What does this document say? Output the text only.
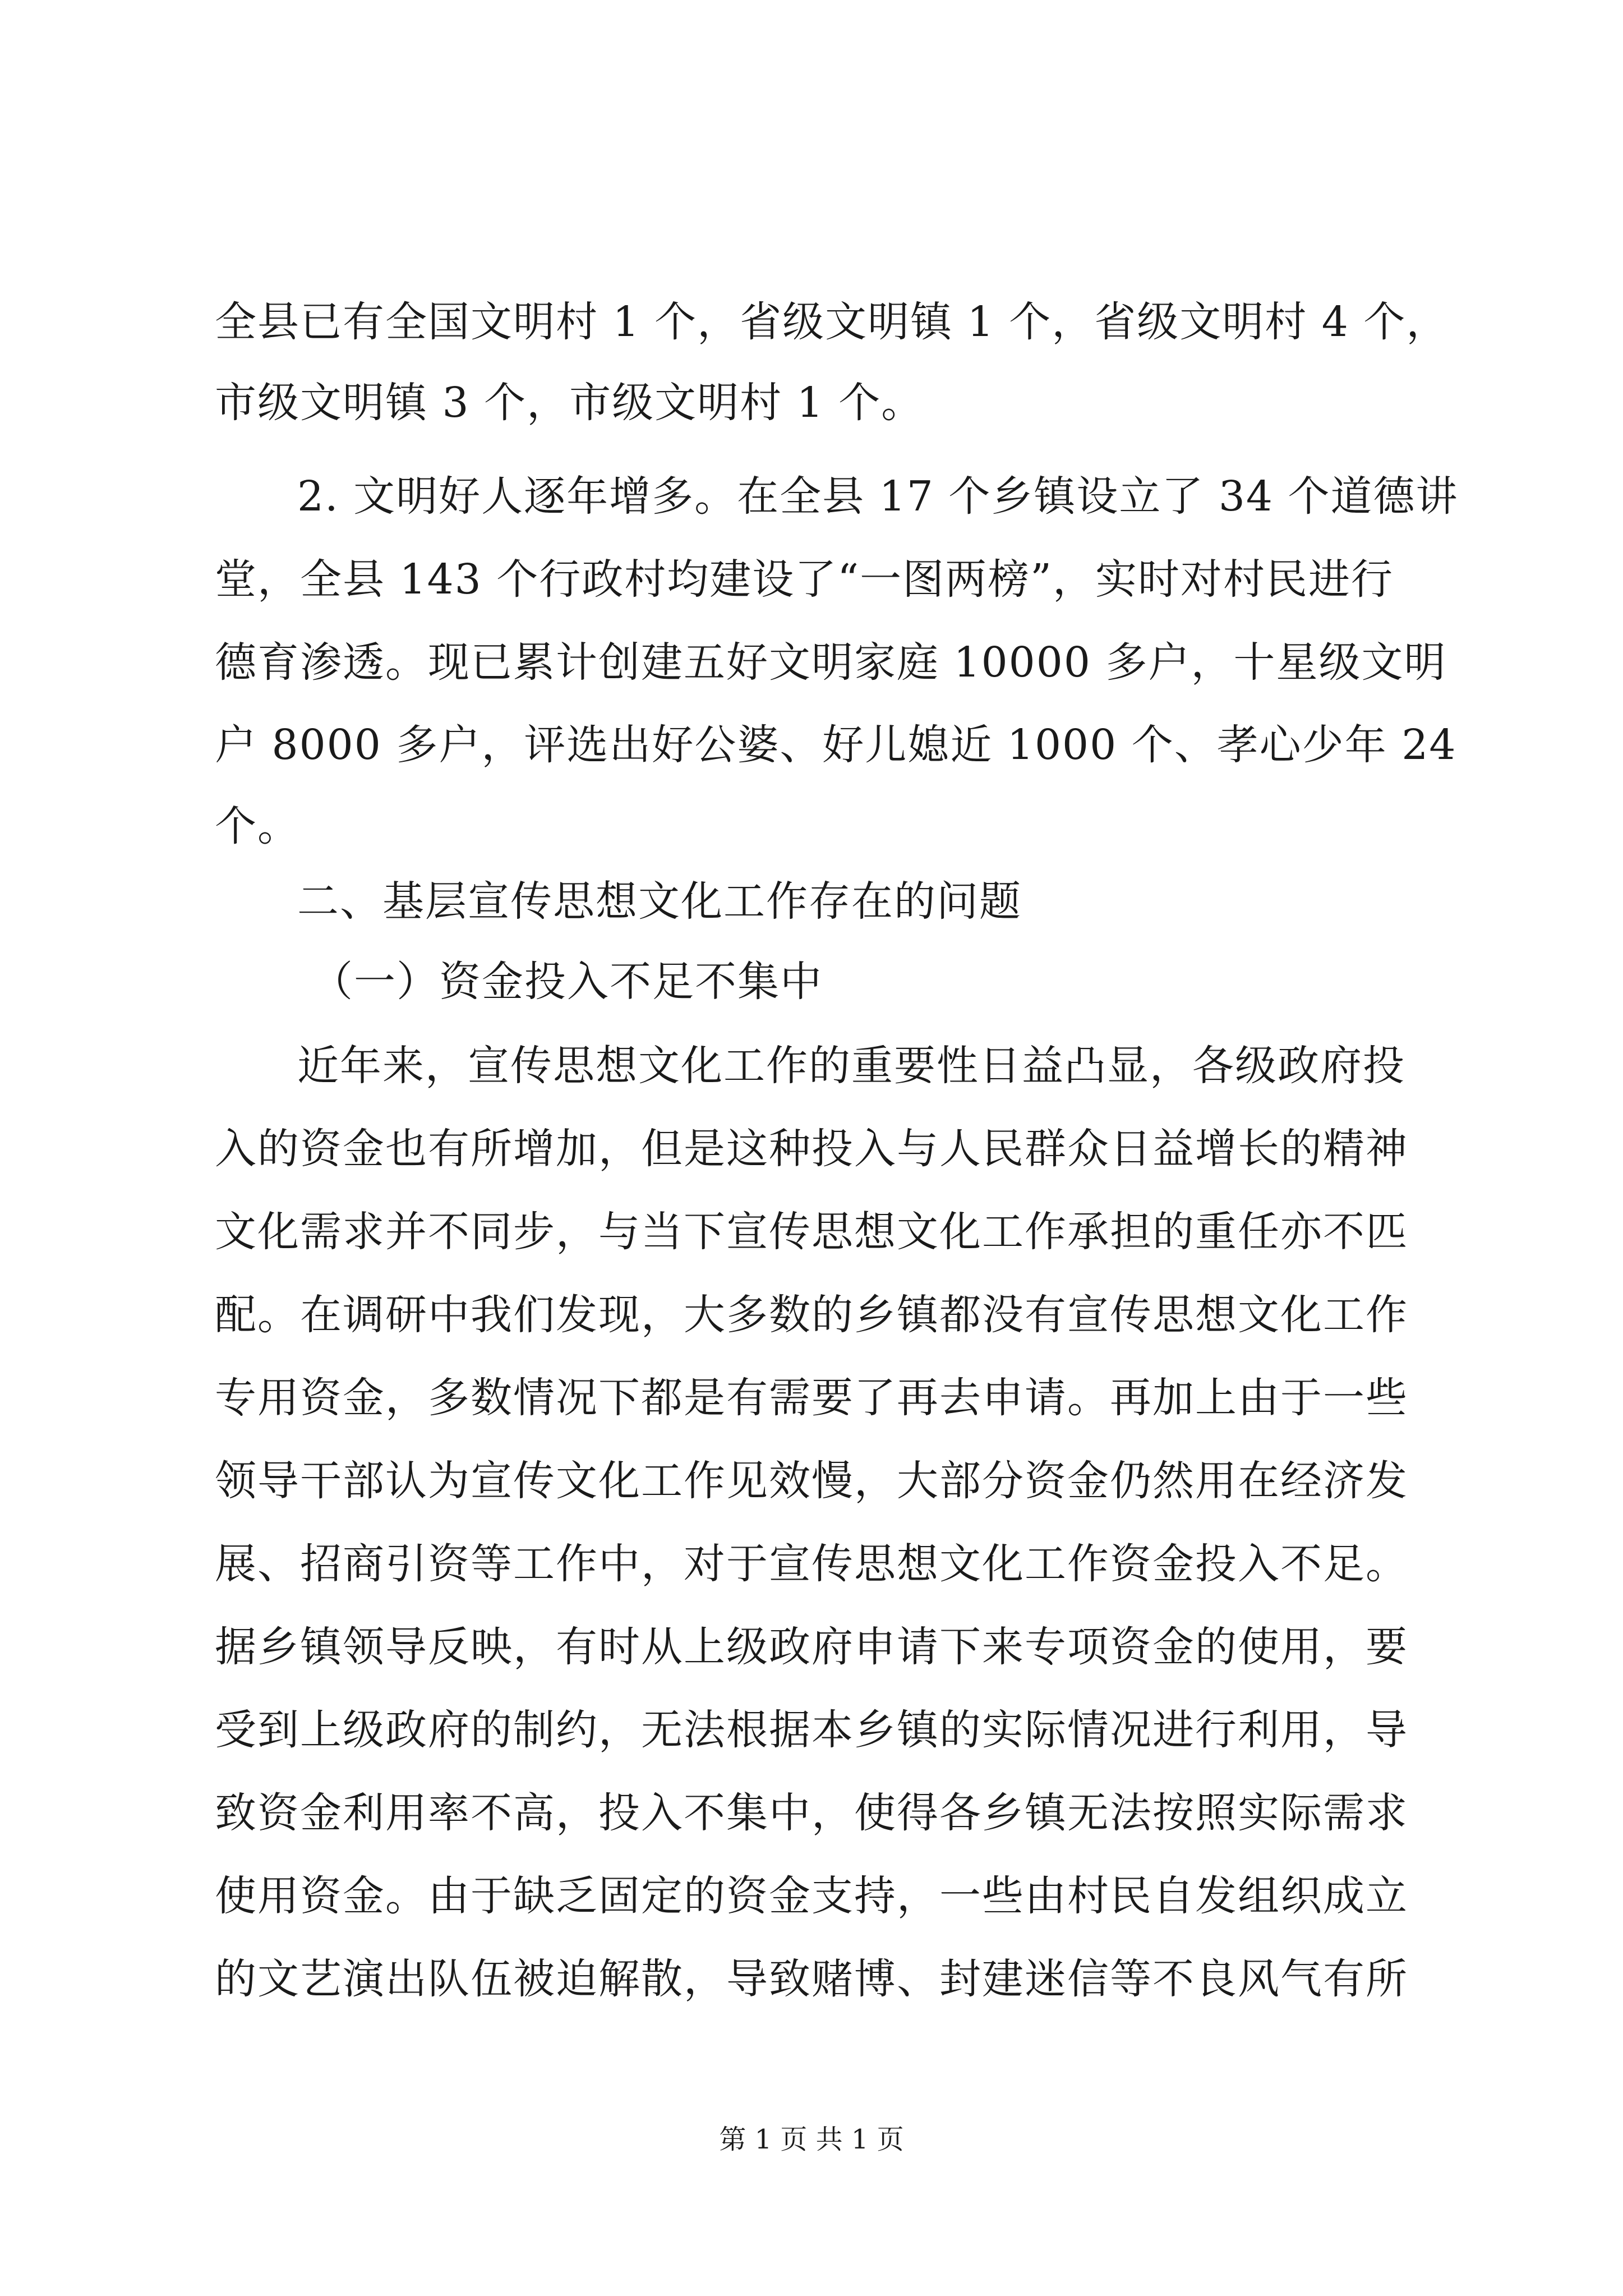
全县已有全国文明村 1 个，省级文明镇 1 个，省级文明村 4 个，
市级文明镇 3 个，市级文明村 1 个。
2. 文明好人逐年增多。在全县 17 个乡镇设立了 34 个道德讲
堂，全县 143 个行政村均建设了“一图两榜”，实时对村民进行
德育渗透。现已累计创建五好文明家庭 10000 多户，十星级文明
户 8000 多户，评选出好公婆、好儿媳近 1000 个、孝心少年 24
个。
二、基层宣传思想文化工作存在的问题
（一）资金投入不足不集中
近年来，宣传思想文化工作的重要性日益凸显，各级政府投
入的资金也有所增加，但是这种投入与人民群众日益增长的精神
文化需求并不同步，与当下宣传思想文化工作承担的重任亦不匹
配。在调研中我们发现，大多数的乡镇都没有宣传思想文化工作
专用资金，多数情况下都是有需要了再去申请。再加上由于一些
领导干部认为宣传文化工作见效慢，大部分资金仍然用在经济发
展、招商引资等工作中，对于宣传思想文化工作资金投入不足。
据乡镇领导反映，有时从上级政府申请下来专项资金的使用，要
受到上级政府的制约，无法根据本乡镇的实际情况进行利用，导
致资金利用率不高，投入不集中，使得各乡镇无法按照实际需求
使用资金。由于缺乏固定的资金支持，一些由村民自发组织成立
的文艺演出队伍被迫解散，导致赌博、封建迷信等不良风气有所
第 1 页 共 1 页
